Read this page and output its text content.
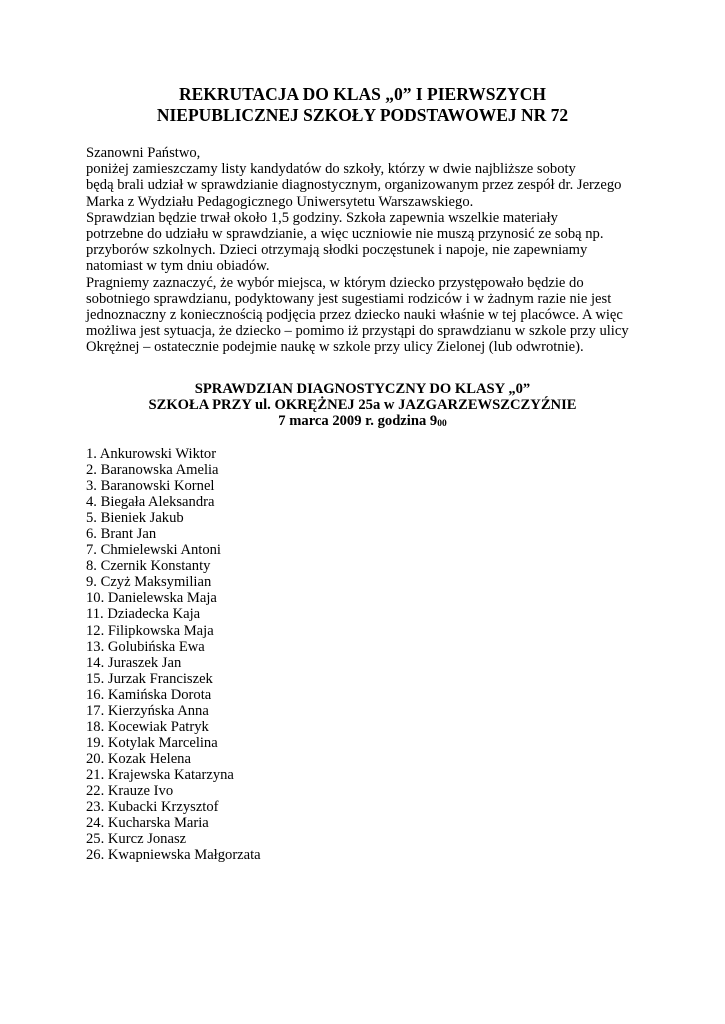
REKRUTACJA DO KLAS „0” I PIERWSZYCH
NIEPUBLICZNEJ SZKOŁY PODSTAWOWEJ NR 72
Szanowni Państwo,
poniżej zamieszczamy listy kandydatów do szkoły, którzy w dwie najbliższe soboty
będą brali udział w sprawdzianie diagnostycznym, organizowanym przez zespół dr. Jerzego
Marka z Wydziału Pedagogicznego Uniwersytetu Warszawskiego.
Sprawdzian będzie trwał około 1,5 godziny. Szkoła zapewnia wszelkie materiały
potrzebne do udziału w sprawdzianie, a więc uczniowie nie muszą przynosić ze sobą np.
przyborów szkolnych. Dzieci otrzymają słodki poczęstunek i napoje, nie zapewniamy
natomiast w tym dniu obiadów.
Pragniemy zaznaczyć, że wybór miejsca, w którym dziecko przystępowało będzie do
sobotniego sprawdzianu, podyktowany jest sugestiami rodziców i w żadnym razie nie jest
jednoznaczny z koniecznością podjęcia przez dziecko nauki właśnie w tej placówce. A więc
możliwa jest sytuacja, że dziecko – pomimo iż przystąpi do sprawdzianu w szkole przy ulicy
Okrężnej – ostatecznie podejmie naukę w szkole przy ulicy Zielonej (lub odwrotnie).
SPRAWDZIAN DIAGNOSTYCZNY DO KLASY „0”
SZKOŁA PRZY ul. OKRĘŻNEJ 25a w JAZGARZEWSZCZYŹNIE
7 marca 2009 r. godzina $9_{00}$
1. Ankurowski Wiktor
2. Baranowska Amelia
3. Baranowski Kornel
4. Biegała Aleksandra
5. Bieniek Jakub
6. Brant Jan
7. Chmielewski Antoni
8. Czernik Konstanty
9. Czyż Maksymilian
10. Danielewska Maja
11. Dziadecka Kaja
12. Filipkowska Maja
13. Golubińska Ewa
14. Juraszek Jan
15. Jurzak Franciszek
16. Kamińska Dorota
17. Kierzyńska Anna
18. Kocewiak Patryk
19. Kotylak Marcelina
20. Kozak Helena
21. Krajewska Katarzyna
22. Krauze Ivo
23. Kubacki Krzysztof
24. Kucharska Maria
25. Kurcz Jonasz
26. Kwapniewska Małgorzata
